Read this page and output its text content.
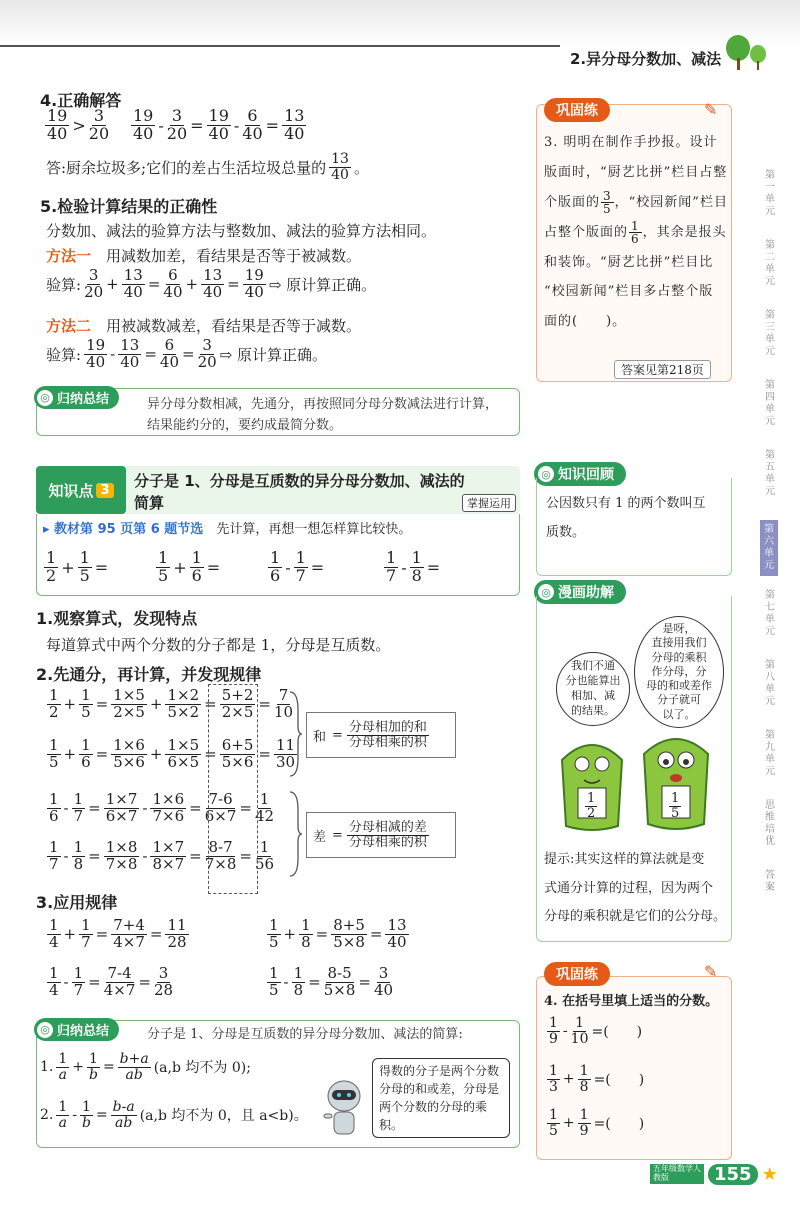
2.异分母分数加、减法
4.正确解答
19
40 >
3
20
19
$40 - \frac{3}{20} = \frac{19}{40} - \frac{6}{40} = \frac{13}{40}$
答:厨余垃圾多;它们的差占生活垃圾总量的 13
40 。
5.检验计算结果的正确性
分数加、减法的验算方法与整数加、减法的验算方法相同。
方法一　 用减数加差，看结果是否等于被减数。
验算:
3
$20 + \frac{13}{40} = \frac{6}{40} + \frac{13}{40} = \frac{19}{40}$ ⇨ 原计算正确。
方法二　 用被减数减差，看结果是否等于减数。
验算:
19
$40 - \frac{13}{40} = \frac{6}{40} = \frac{3}{20}$ ⇨ 原计算正确。
异分母分数相减，先通分，再按照同分母分数减法进行计算，结果能约分的，要约成最简分数。
◎ 归纳总结
知识点 3 分子是 1、分母是互质数的异分母分数加、减法的
简算	掌握运用
▸ 教材第 95 页第 6 题节选　 先计算，再想一想怎样算比较快。
1
$2 + \frac{1}{5}$ =
1
$5 + \frac{1}{6}$ =
1
$6 - \frac{1}{7}$ =
1
$7 - \frac{1}{8}$ =
1.观察算式，发现特点
每道算式中两个分数的分子都是 1，分母是互质数。
2.先通分，再计算，并发现规律
1
$2 + \frac{1}{5} = \frac{1\times 5}{2\times 5} + \frac{1\times 2}{5\times 2} = \frac{5+2}{2\times 5} = \frac{7}{10}$
1
$5 + \frac{1}{6} = \frac{1\times 6}{5\times 6} + \frac{1\times 5}{6\times 5} = \frac{6+5}{5\times 6} = \frac{11}{30}$
1
$6 - \frac{1}{7} = \frac{1\times 7}{6\times 7} - \frac{1\times 6}{7\times 6} = \frac{7-6}{6\times 7} = \frac{1}{42}$
1
$7 - \frac{1}{8} = \frac{1\times 8}{7\times 8} - \frac{1\times 7}{8\times 7} = \frac{8-7}{7\times 8} = \frac{1}{56}$
和 =
分母相加的和
分母相乘的积
差 =
分母相减的差
分母相乘的积
3.应用规律
1
$4 + \frac{1}{7} = \frac{7+4}{4\times 7} = \frac{11}{28}$	1
$5 + \frac{1}{8} = \frac{8+5}{5\times 8} = \frac{13}{40}$
1
$4 - \frac{1}{7} = \frac{7-4}{4\times 7} = \frac{3}{28}$	1
$5 - \frac{1}{8} = \frac{8-5}{5\times 8} = \frac{3}{40}$
分子是 1、分母是互质数的异分母分数加、减法的简算:
◎ 归纳总结
1.
1
$a + \frac{1}{b} = \frac{b+a}{ab} (a,b$ 均不为 0);
2.
1
$a - \frac{1}{b} = \frac{b-a}{ab} (a,b$ 均不为 0，且 a<b)。
得数的分子是两个分数分母的和或差，分母是两个分数的分母的乘积。
巩固练	✎
3. 明明在制作手抄报。设计
版面时，“厨艺比拼”栏目占整
个版面的 3
5 ，“校园新闻”栏目
占整个版面的 1
6 ，其余是报头
和装饰。“厨艺比拼”栏目比
“校园新闻”栏目多占整个版
面的(　　)。
答案见第218页
◎ 知识回顾
公因数只有 1 的两个数叫互
质数。
◎ 漫画助解
我们不通
分也能算出
相加、减
的结果。
是呀，
直接用我们
分母的乘积
作分母，分
母的和或差作
分子就可
以了。
1
2
1
5
提示:其实这样的算法就是变
式通分计算的过程，因为两个
分母的乘积就是它们的公分母。
巩固练	✎
4. 在括号里填上适当的分数。
1
$9 - \frac{1}{10}$ =(　　)
1
$3 + \frac{1}{8}$ =(　　)
1
$5 + \frac{1}{9}$ =(　　)
第
一
单
元
第
二
单
元
第
三
单
元
第
四
单
元
第
五
单
元
第
六
单
元
第
七
单
元
第
八
单
元
第
九
单
元
思
维
培
优
答
案
五年级数学人教版	155 ★
